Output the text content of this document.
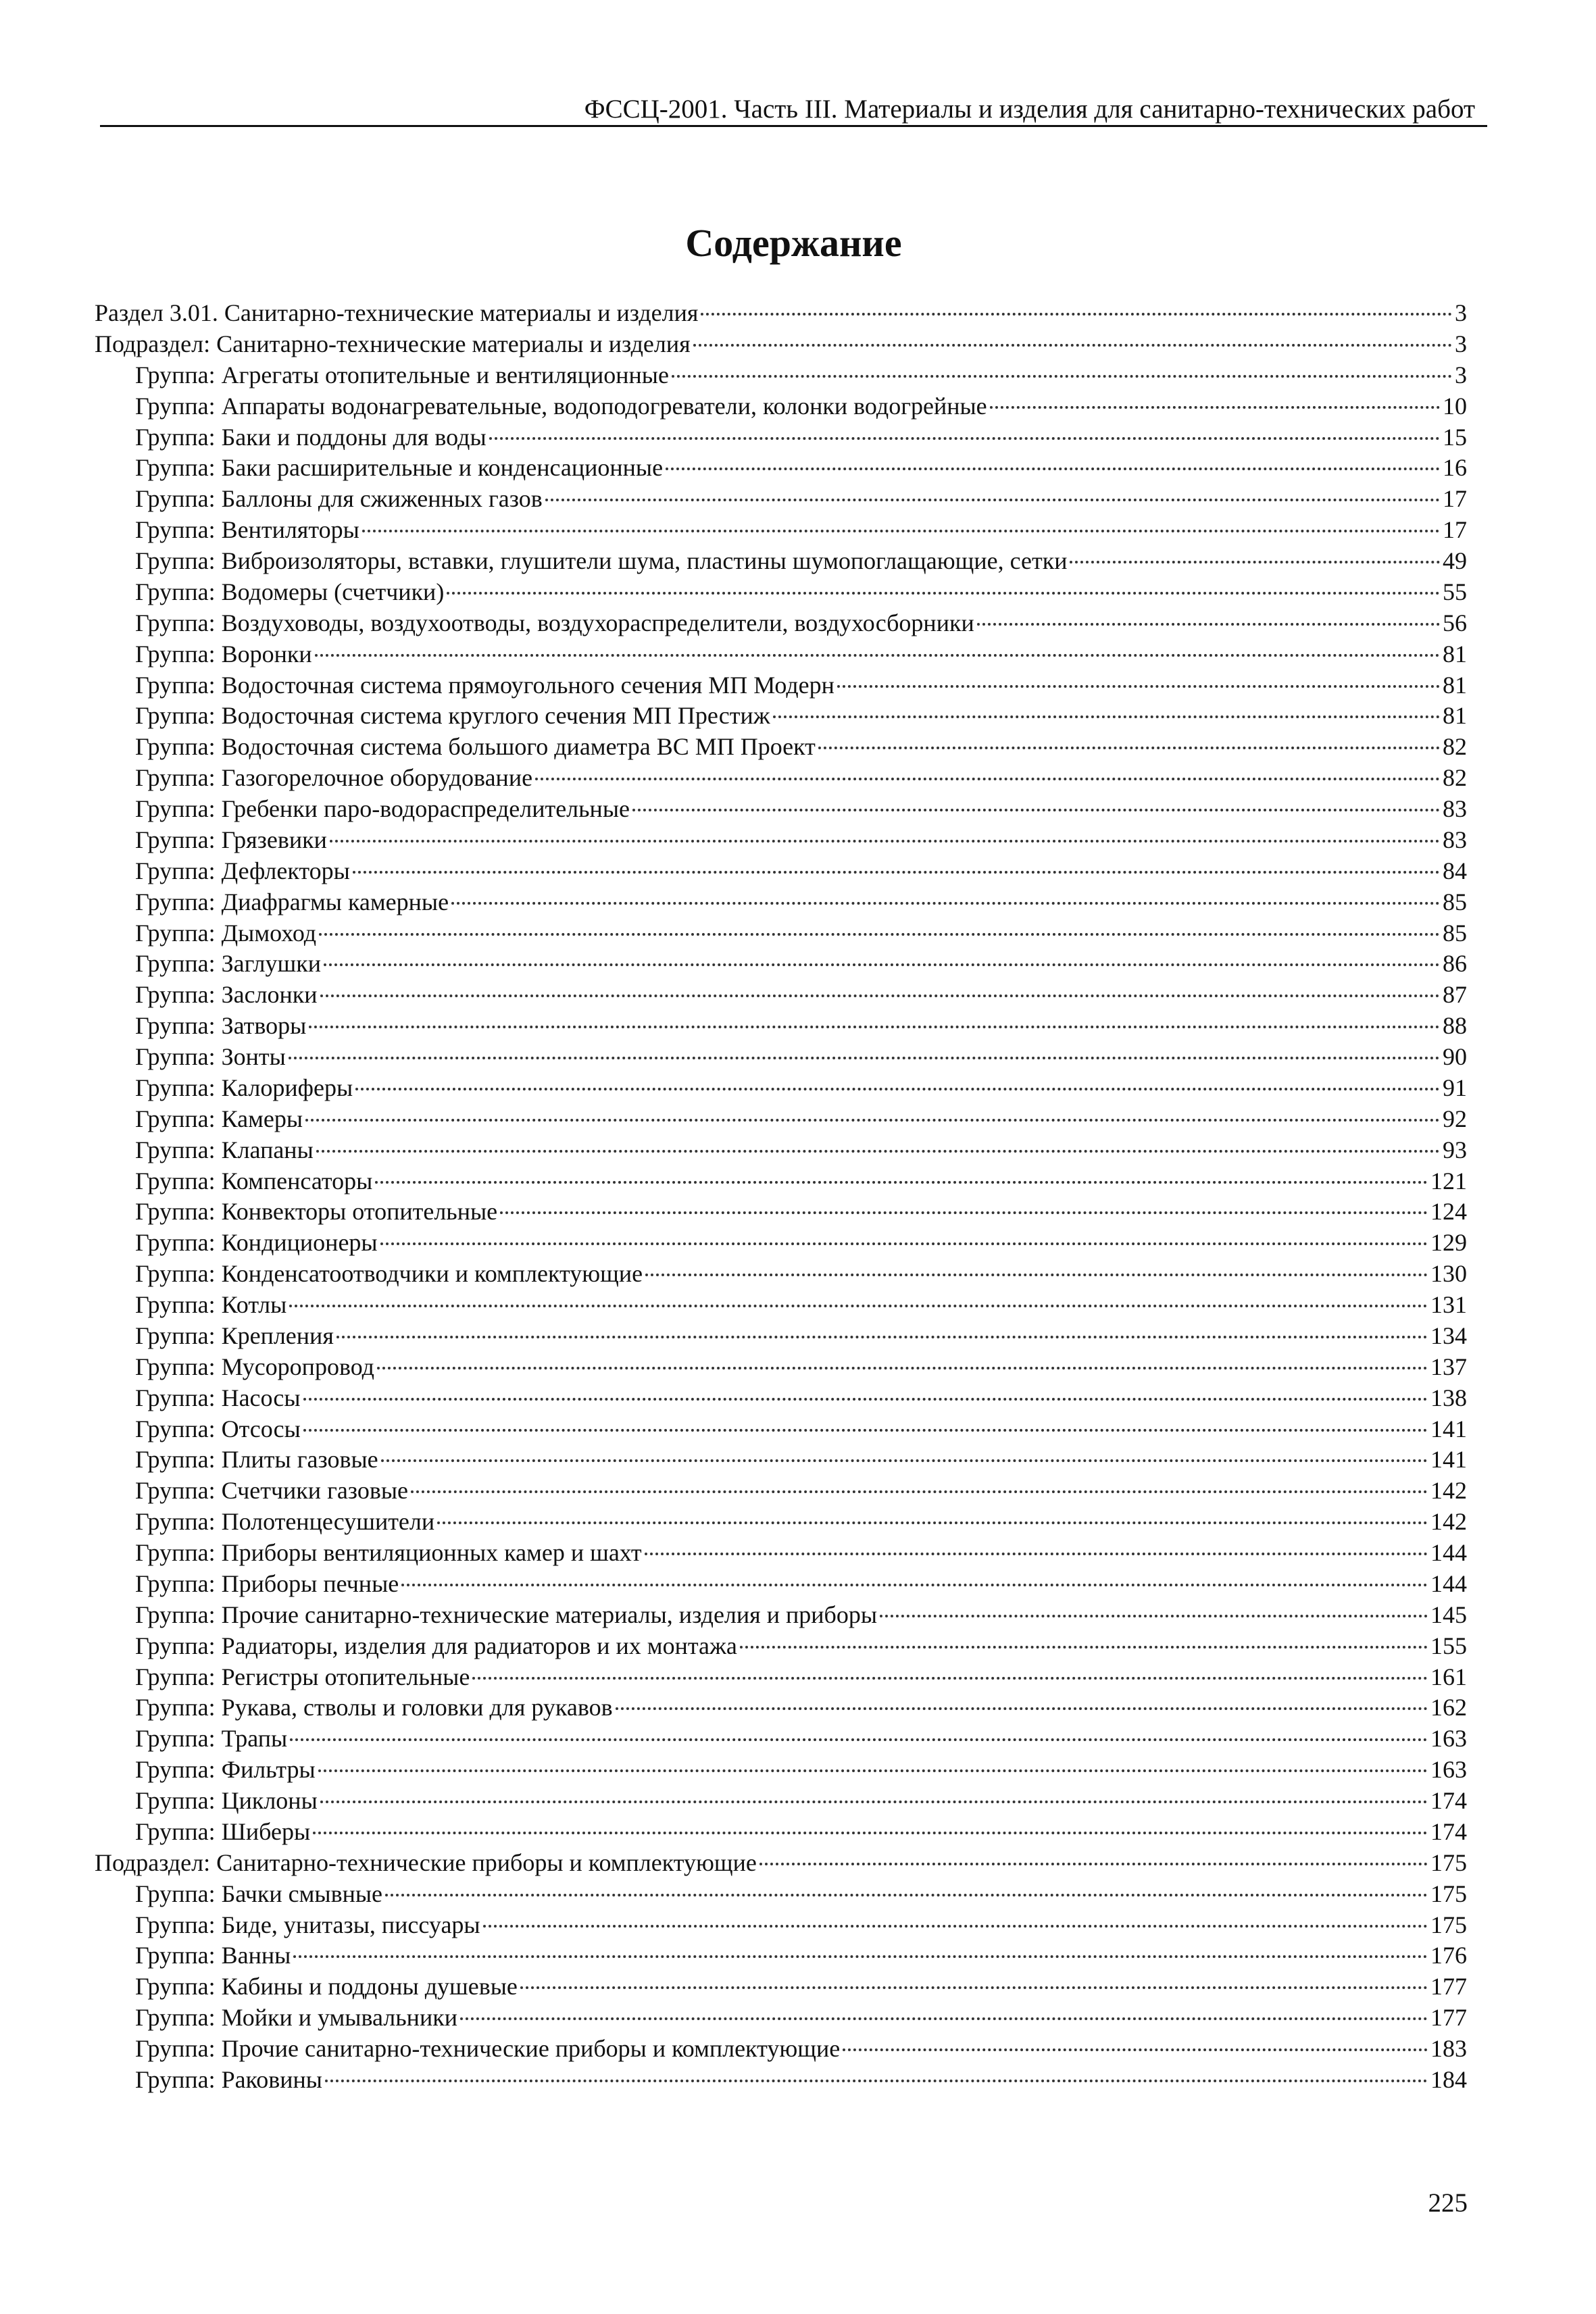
ФССЦ-2001. Часть III. Материалы и изделия для санитарно-технических работ
Содержание
Раздел 3.01. Санитарно-технические материалы и изделия	3
Подраздел: Санитарно-технические материалы и изделия	3
Группа: Агрегаты отопительные и вентиляционные	3
Группа: Аппараты водонагревательные, водоподогреватели, колонки водогрейные	10
Группа: Баки и поддоны для воды	15
Группа: Баки расширительные и конденсационные	16
Группа: Баллоны для сжиженных газов	17
Группа: Вентиляторы	17
Группа: Виброизоляторы, вставки, глушители шума, пластины шумопоглащающие, сетки	49
Группа: Водомеры (счетчики)	55
Группа: Воздуховоды, воздухоотводы, воздухораспределители, воздухосборники	56
Группа: Воронки	81
Группа: Водосточная система прямоугольного сечения МП Модерн	81
Группа: Водосточная система круглого сечения МП Престиж	81
Группа: Водосточная система большого диаметра ВС МП Проект	82
Группа: Газогорелочное оборудование	82
Группа: Гребенки паро-водораспределительные	83
Группа: Грязевики	83
Группа: Дефлекторы	84
Группа: Диафрагмы камерные	85
Группа: Дымоход	85
Группа: Заглушки	86
Группа: Заслонки	87
Группа: Затворы	88
Группа: Зонты	90
Группа: Калориферы	91
Группа: Камеры	92
Группа: Клапаны	93
Группа: Компенсаторы	121
Группа: Конвекторы отопительные	124
Группа: Кондиционеры	129
Группа: Конденсатоотводчики и комплектующие	130
Группа: Котлы	131
Группа: Крепления	134
Группа: Мусоропровод	137
Группа: Насосы	138
Группа: Отсосы	141
Группа: Плиты газовые	141
Группа: Счетчики газовые	142
Группа: Полотенцесушители	142
Группа: Приборы вентиляционных камер и шахт	144
Группа: Приборы печные	144
Группа: Прочие санитарно-технические материалы, изделия и приборы	145
Группа: Радиаторы, изделия для радиаторов и их монтажа	155
Группа: Регистры отопительные	161
Группа: Рукава, стволы и головки для рукавов	162
Группа: Трапы	163
Группа: Фильтры	163
Группа: Циклоны	174
Группа: Шиберы	174
Подраздел: Санитарно-технические приборы и комплектующие	175
Группа: Бачки смывные	175
Группа: Биде, унитазы, писсуары	175
Группа: Ванны	176
Группа: Кабины и поддоны душевые	177
Группа: Мойки и умывальники	177
Группа: Прочие санитарно-технические приборы и комплектующие	183
Группа: Раковины	184
225
